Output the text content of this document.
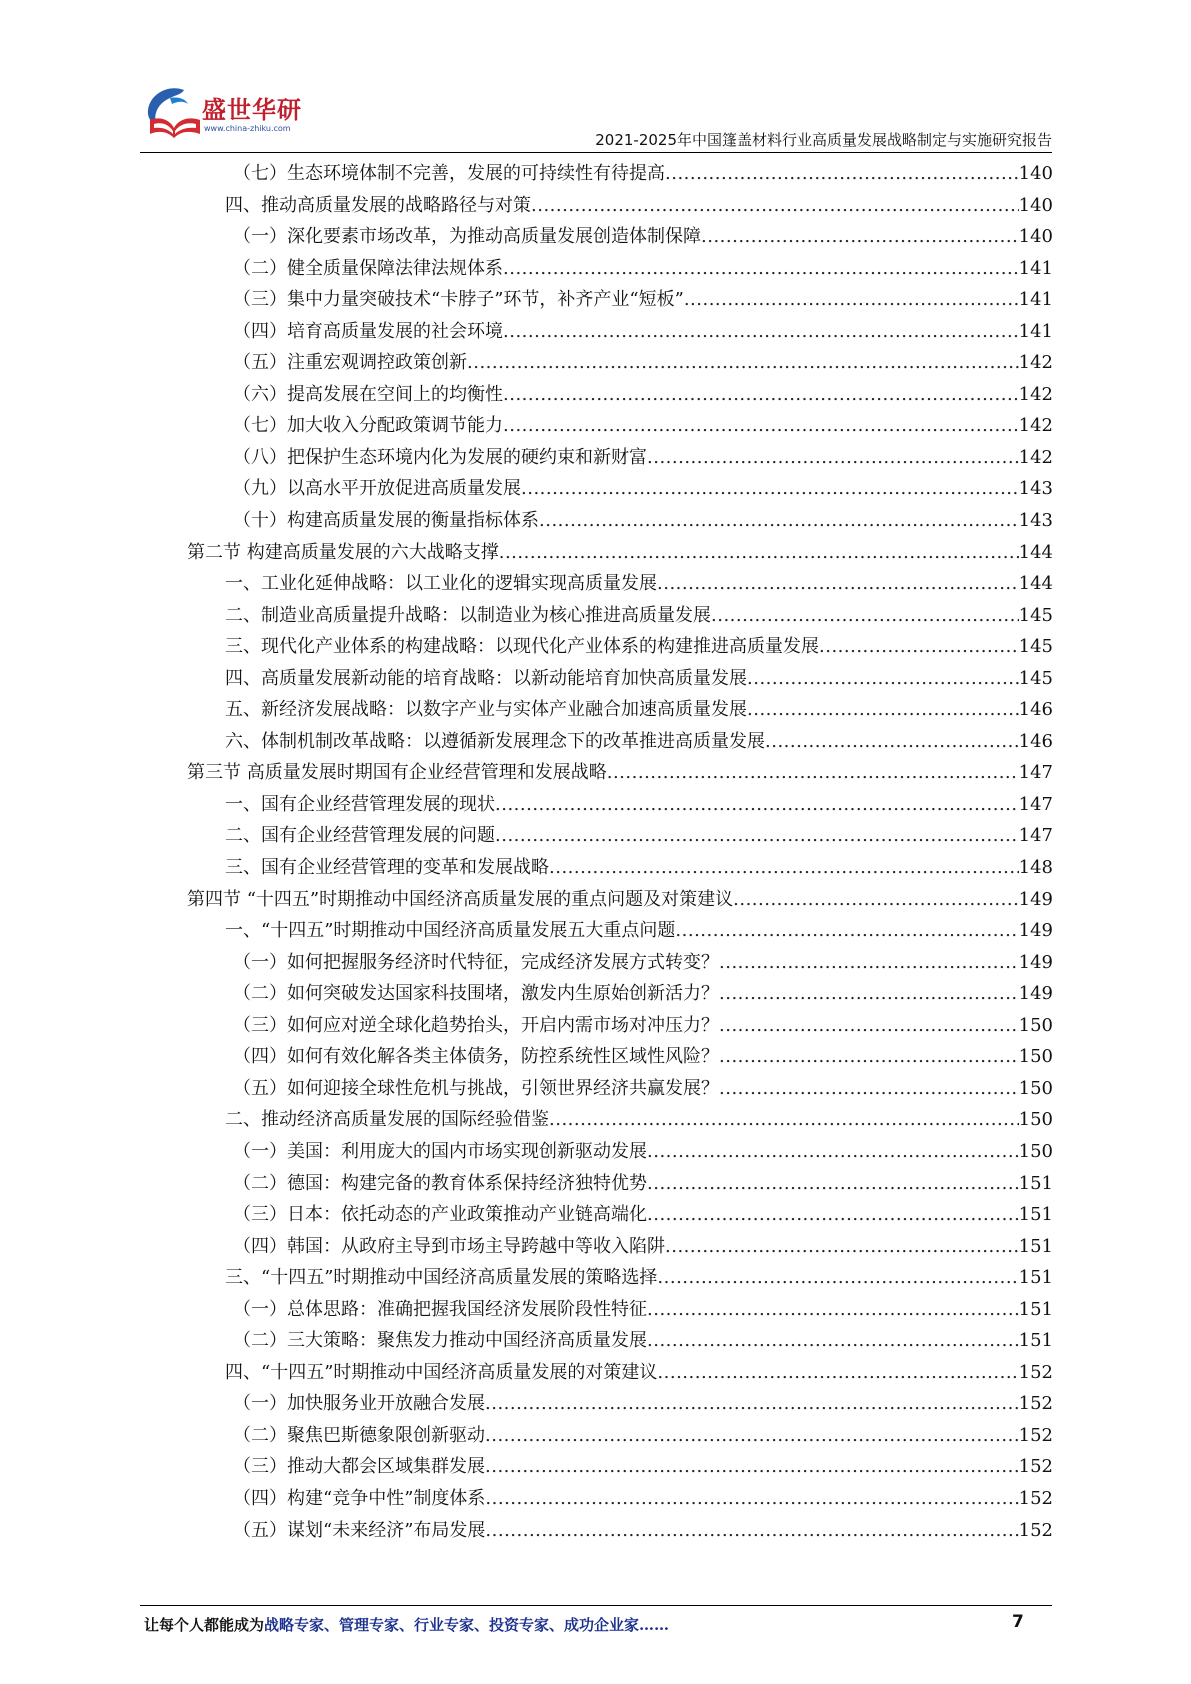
盛世华研
www.china-zhiku.com
2021-2025年中国篷盖材料行业高质量发展战略制定与实施研究报告
（七）生态环境体制不完善，发展的可持续性有待提高 .....	140
四、推动高质量发展的战略路径与对策 .....	140
（一）深化要素市场改革，为推动高质量发展创造体制保障 .....	140
（二）健全质量保障法律法规体系 .....	141
（三）集中力量突破技术“卡脖子”环节，补齐产业“短板” .....	141
（四）培育高质量发展的社会环境 .....	141
（五）注重宏观调控政策创新 .....	142
（六）提高发展在空间上的均衡性 .....	142
（七）加大收入分配政策调节能力 .....	142
（八）把保护生态环境内化为发展的硬约束和新财富 .....	142
（九）以高水平开放促进高质量发展 .....	143
（十）构建高质量发展的衡量指标体系 .....	143
第二节 构建高质量发展的六大战略支撑 .....	144
一、工业化延伸战略：以工业化的逻辑实现高质量发展 .....	144
二、制造业高质量提升战略：以制造业为核心推进高质量发展 .....	145
三、现代化产业体系的构建战略：以现代化产业体系的构建推进高质量发展 .....	145
四、高质量发展新动能的培育战略：以新动能培育加快高质量发展 .....	145
五、新经济发展战略：以数字产业与实体产业融合加速高质量发展 .....	146
六、体制机制改革战略：以遵循新发展理念下的改革推进高质量发展 .....	146
第三节 高质量发展时期国有企业经营管理和发展战略 .....	147
一、国有企业经营管理发展的现状 .....	147
二、国有企业经营管理发展的问题 .....	147
三、国有企业经营管理的变革和发展战略 .....	148
第四节 “十四五”时期推动中国经济高质量发展的重点问题及对策建议 .....	149
一、“十四五”时期推动中国经济高质量发展五大重点问题 .....	149
（一）如何把握服务经济时代特征，完成经济发展方式转变？ .....	149
（二）如何突破发达国家科技围堵，激发内生原始创新活力？ .....	149
（三）如何应对逆全球化趋势抬头，开启内需市场对冲压力？ .....	150
（四）如何有效化解各类主体债务，防控系统性区域性风险？ .....	150
（五）如何迎接全球性危机与挑战，引领世界经济共赢发展？ .....	150
二、推动经济高质量发展的国际经验借鉴 .....	150
（一）美国：利用庞大的国内市场实现创新驱动发展 .....	150
（二）德国：构建完备的教育体系保持经济独特优势 .....	151
（三）日本：依托动态的产业政策推动产业链高端化 .....	151
（四）韩国：从政府主导到市场主导跨越中等收入陷阱 .....	151
三、“十四五”时期推动中国经济高质量发展的策略选择 .....	151
（一）总体思路：准确把握我国经济发展阶段性特征 .....	151
（二）三大策略：聚焦发力推动中国经济高质量发展 .....	151
四、“十四五”时期推动中国经济高质量发展的对策建议 .....	152
（一）加快服务业开放融合发展 .....	152
（二）聚焦巴斯德象限创新驱动 .....	152
（三）推动大都会区域集群发展 .....	152
（四）构建“竞争中性”制度体系 .....	152
（五）谋划“未来经济”布局发展 .....	152
让每个人都能成为战略专家、管理专家、行业专家、投资专家、成功企业家……	7
